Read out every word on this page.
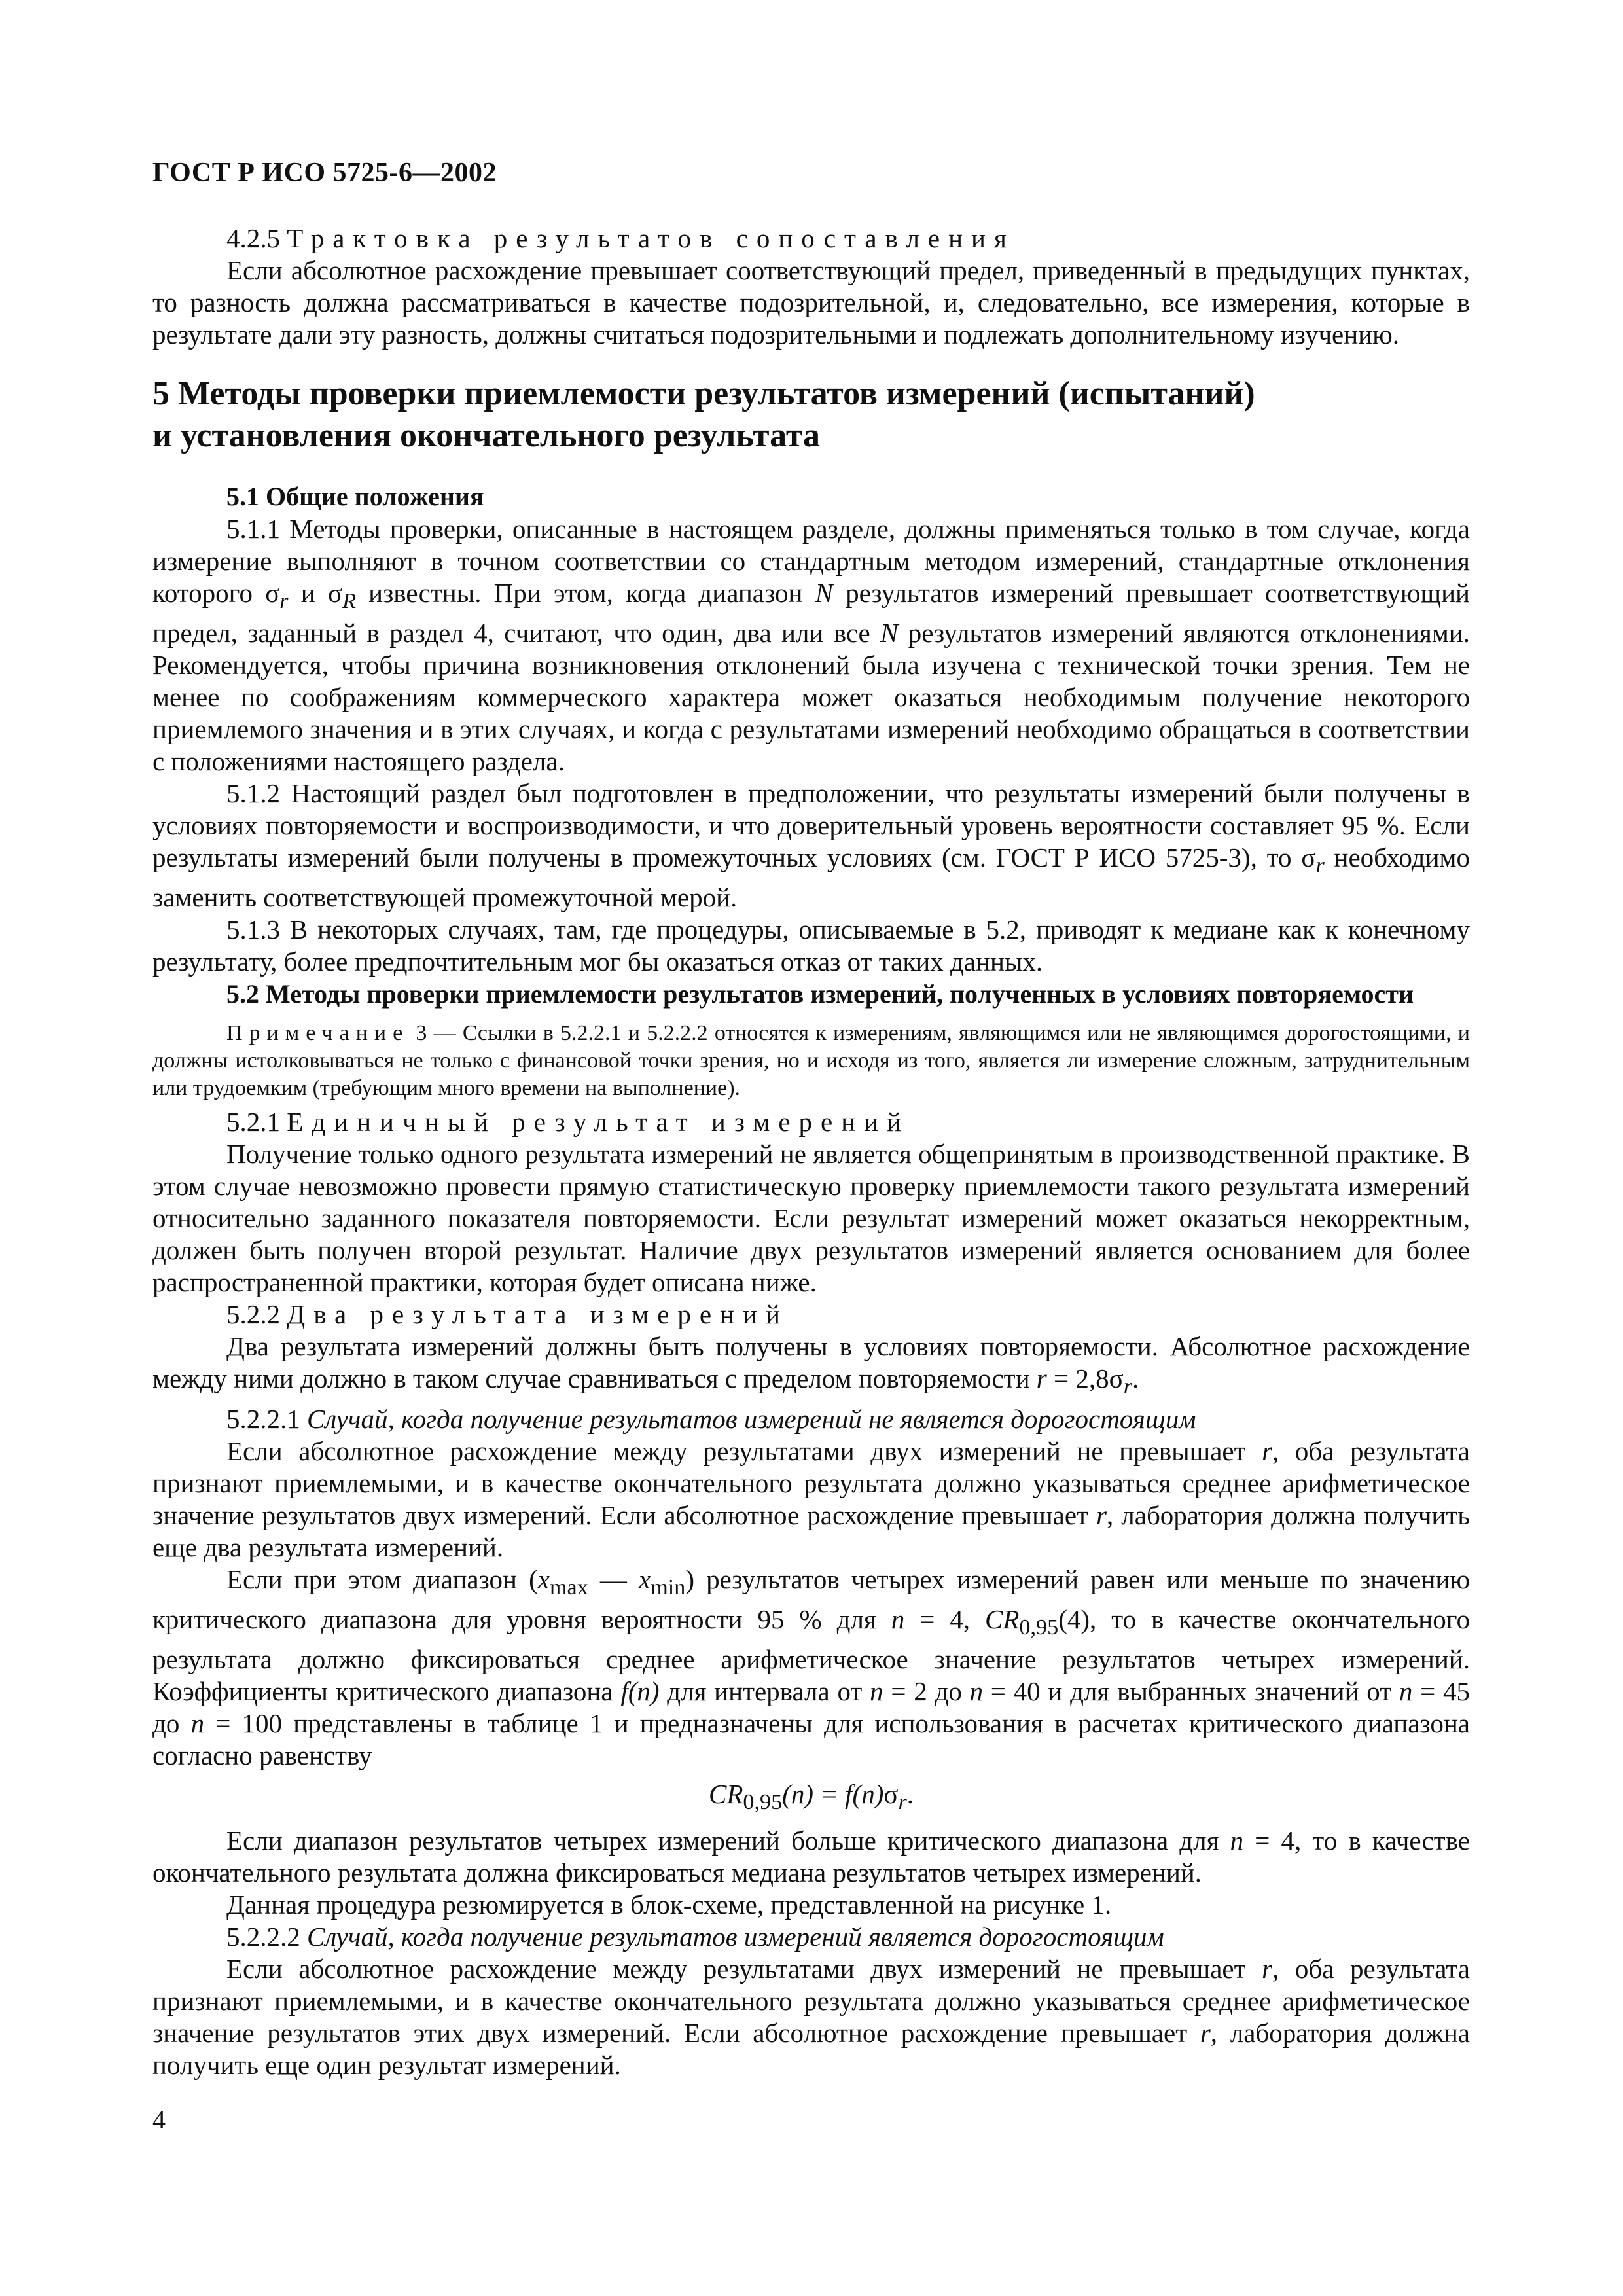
ГОСТ Р ИСО 5725-6—2002

4.2.5 Трактовка результатов сопоставления

Если абсолютное расхождение превышает соответствующий предел, приведенный в предыдущих пунктах, то разность должна рассматриваться в качестве подозрительной, и, следовательно, все измерения, которые в результате дали эту разность, должны считаться подозрительными и подлежать дополнительному изучению.

5 Методы проверки приемлемости результатов измерений (испытаний)
и установления окончательного результата

5.1 Общие положения

5.1.1 Методы проверки, описанные в настоящем разделе, должны применяться только в том случае, когда измерение выполняют в точном соответствии со стандартным методом измерений, стандартные отклонения которого $\sigma_r$ и $\sigma_R$ известны. При этом, когда диапазон N результатов измерений превышает соответствующий предел, заданный в раздел 4, считают, что один, два или все N результатов измерений являются отклонениями. Рекомендуется, чтобы причина возникновения отклонений была изучена с технической точки зрения. Тем не менее по соображениям коммерческого характера может оказаться необходимым получение некоторого приемлемого значения и в этих случаях, и когда с результатами измерений необходимо обращаться в соответствии с положениями настоящего раздела.

5.1.2 Настоящий раздел был подготовлен в предположении, что результаты измерений были получены в условиях повторяемости и воспроизводимости, и что доверительный уровень вероятности составляет 95 %. Если результаты измерений были получены в промежуточных условиях (см. ГОСТ Р ИСО 5725-3), то $\sigma_r$ необходимо заменить соответствующей промежуточной мерой.

5.1.3 В некоторых случаях, там, где процедуры, описываемые в 5.2, приводят к медиане как к конечному результату, более предпочтительным мог бы оказаться отказ от таких данных.

5.2 Методы проверки приемлемости результатов измерений, полученных в условиях повторяемости

Примечание 3 — Ссылки в 5.2.2.1 и 5.2.2.2 относятся к измерениям, являющимся или не являющимся дорогостоящими, и должны истолковываться не только с финансовой точки зрения, но и исходя из того, является ли измерение сложным, затруднительным или трудоемким (требующим много времени на выполнение).

5.2.1 Единичный результат измерений

Получение только одного результата измерений не является общепринятым в производственной практике. В этом случае невозможно провести прямую статистическую проверку приемлемости такого результата измерений относительно заданного показателя повторяемости. Если результат измерений может оказаться некорректным, должен быть получен второй результат. Наличие двух результатов измерений является основанием для более распространенной практики, которая будет описана ниже.

5.2.2 Два результата измерений

Два результата измерений должны быть получены в условиях повторяемости. Абсолютное расхождение между ними должно в таком случае сравниваться с пределом повторяемости $r = 2,8\sigma_r$.

5.2.2.1 Случай, когда получение результатов измерений не является дорогостоящим

Если абсолютное расхождение между результатами двух измерений не превышает r, оба результата признают приемлемыми, и в качестве окончательного результата должно указываться среднее арифметическое значение результатов двух измерений. Если абсолютное расхождение превышает r, лаборатория должна получить еще два результата измерений.

Если при этом диапазон ($x_{max}$ — $x_{min}$) результатов четырех измерений равен или меньше по значению критического диапазона для уровня вероятности 95 % для n = 4, $CR_{0,95}(4)$, то в качестве окончательного результата должно фиксироваться среднее арифметическое значение результатов четырех измерений. Коэффициенты критического диапазона f(n) для интервала от n = 2 до n = 40 и для выбранных значений от n = 45 до n = 100 представлены в таблице 1 и предназначены для использования в расчетах критического диапазона согласно равенству

$CR_{0,95}(n) = f(n)\sigma_r$.

Если диапазон результатов четырех измерений больше критического диапазона для n = 4, то в качестве окончательного результата должна фиксироваться медиана результатов четырех измерений.

Данная процедура резюмируется в блок-схеме, представленной на рисунке 1.

5.2.2.2 Случай, когда получение результатов измерений является дорогостоящим

Если абсолютное расхождение между результатами двух измерений не превышает r, оба результата признают приемлемыми, и в качестве окончательного результата должно указываться среднее арифметическое значение результатов этих двух измерений. Если абсолютное расхождение превышает r, лаборатория должна получить еще один результат измерений.

4
